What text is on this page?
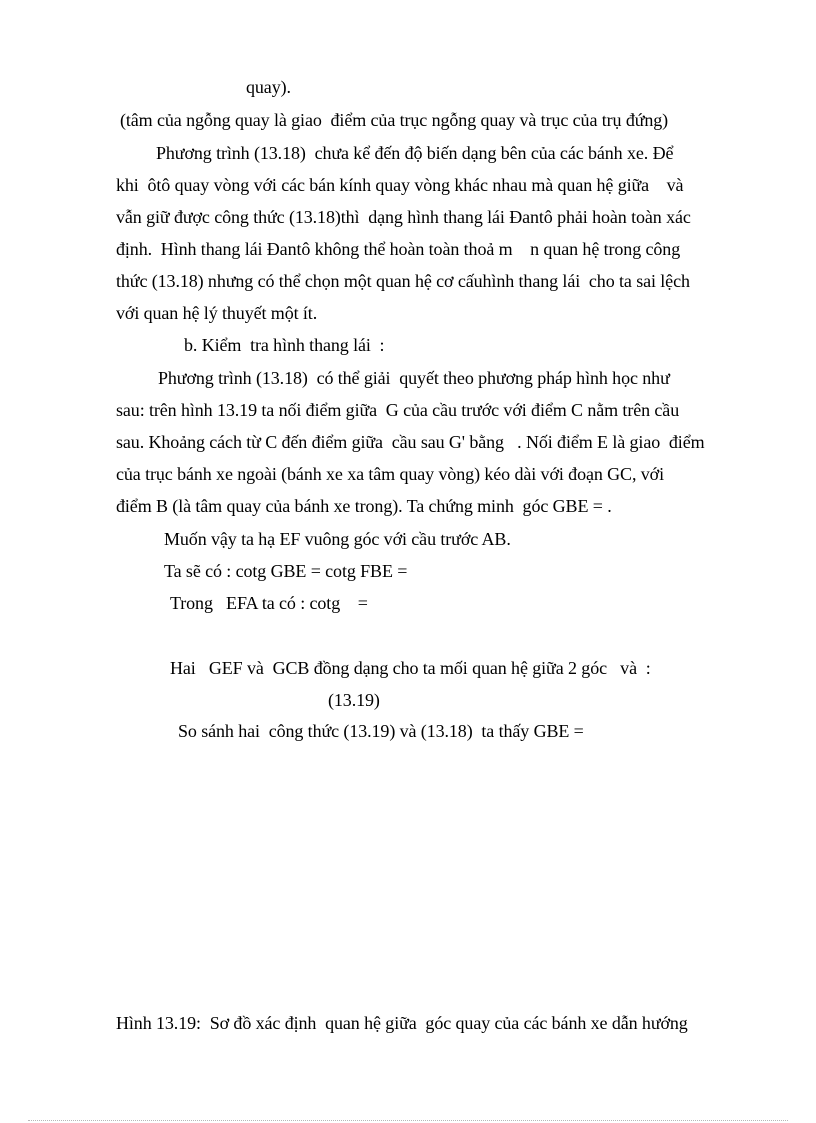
quay).
(tâm của ngỗng quay là giao  điểm của trục ngỗng quay và trục của trụ đứng)
Phương trình (13.18)  chưa kể đến độ biến dạng bên của các bánh xe. Để
khi  ôtô quay vòng với các bán kính quay vòng khác nhau mà quan hệ giữa    và
vẫn giữ được công thức (13.18)thì  dạng hình thang lái Đantô phải hoàn toàn xác
định.  Hình thang lái Đantô không thể hoàn toàn thoả m    n quan hệ trong công
thức (13.18) nhưng có thể chọn một quan hệ cơ cấuhình thang lái  cho ta sai lệch
với quan hệ lý thuyết một ít.
b. Kiểm  tra hình thang lái  :
Phương trình (13.18)  có thể giải  quyết theo phương pháp hình học như
sau: trên hình 13.19 ta nối điểm giữa  G của cầu trước với điểm C nằm trên cầu
sau. Khoảng cách từ C đến điểm giữa  cầu sau G' bằng   . Nối điểm E là giao  điểm
của trục bánh xe ngoài (bánh xe xa tâm quay vòng) kéo dài với đoạn GC, với
điểm B (là tâm quay của bánh xe trong). Ta chứng minh  góc GBE = .
Muốn vậy ta hạ EF vuông góc với cầu trước AB.
Ta sẽ có : cotg GBE = cotg FBE =
Trong   EFA ta có : cotg    =
Hai   GEF và  GCB đồng dạng cho ta mối quan hệ giữa 2 góc   và  :
(13.19)
So sánh hai  công thức (13.19) và (13.18)  ta thấy GBE =
Hình 13.19:  Sơ đồ xác định  quan hệ giữa  góc quay của các bánh xe dẫn hướng
